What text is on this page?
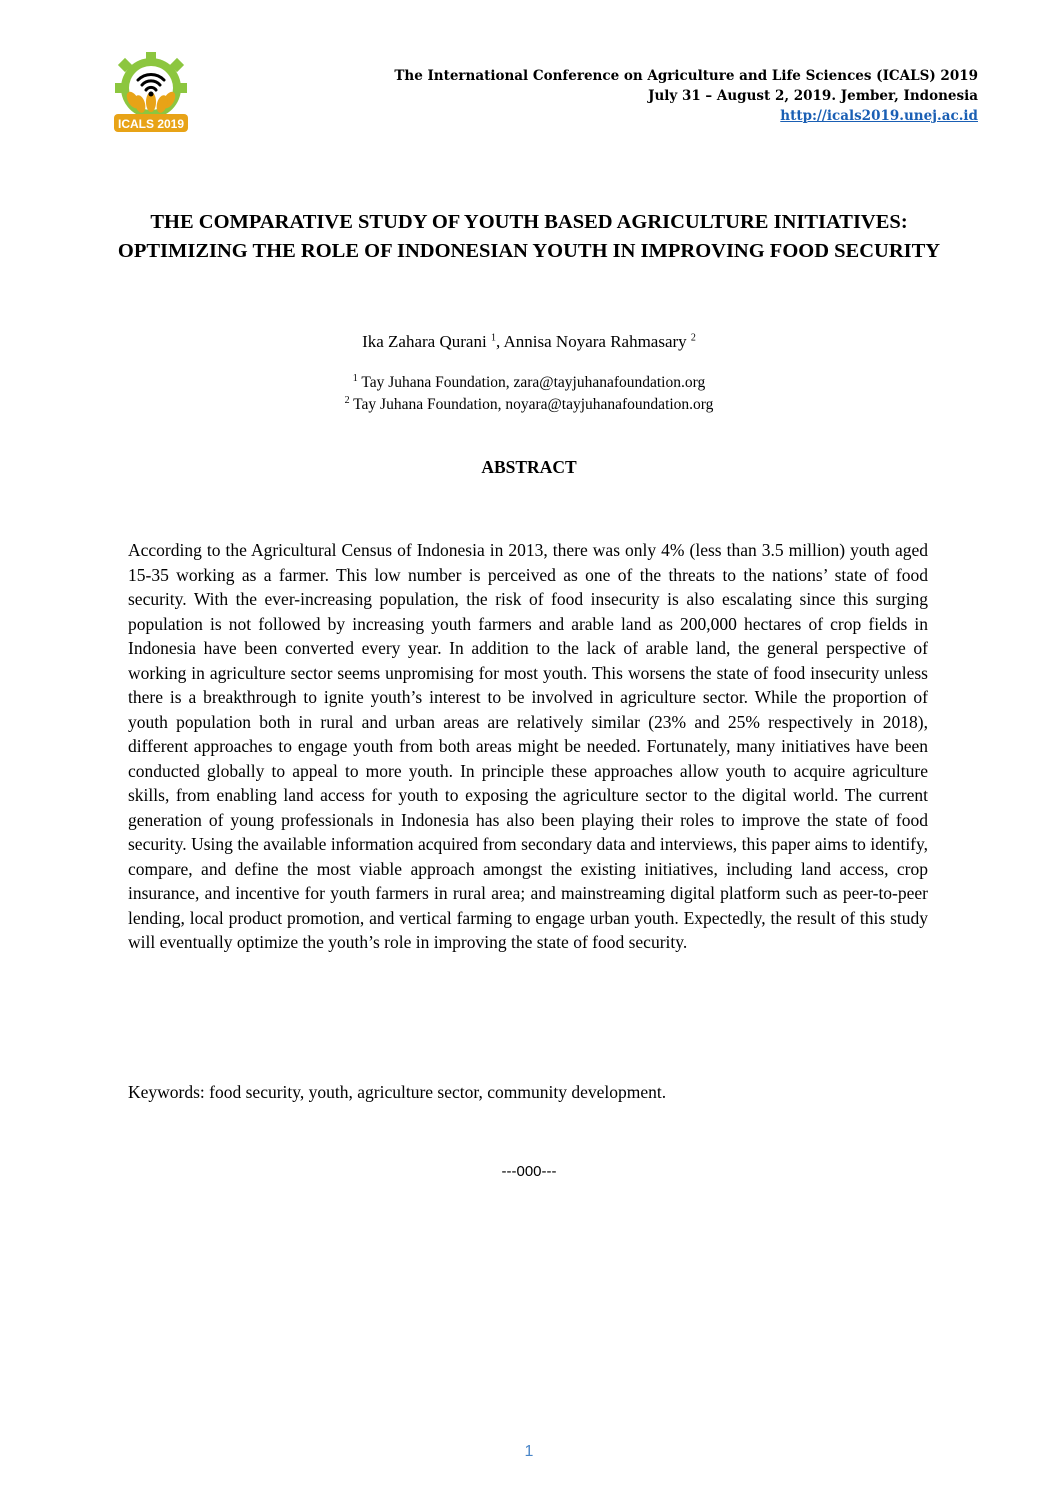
ICALS 2019
The International Conference on Agriculture and Life Sciences (ICALS) 2019
July 31 – August 2, 2019. Jember, Indonesia
http://icals2019.unej.ac.id
THE COMPARATIVE STUDY OF YOUTH BASED AGRICULTURE INITIATIVES: OPTIMIZING THE ROLE OF INDONESIAN YOUTH IN IMPROVING FOOD SECURITY
Ika Zahara Qurani $^1$, Annisa Noyara Rahmasary $^2$
$^1$ Tay Juhana Foundation, zara@tayjuhanafoundation.org
$^2$ Tay Juhana Foundation, noyara@tayjuhanafoundation.org
ABSTRACT

According to the Agricultural Census of Indonesia in 2013, there was only 4% (less than 3.5 million) youth aged 15-35 working as a farmer. This low number is perceived as one of the threats to the nations’ state of food security. With the ever-increasing population, the risk of food insecurity is also escalating since this surging population is not followed by increasing youth farmers and arable land as 200,000 hectares of crop fields in Indonesia have been converted every year. In addition to the lack of arable land, the general perspective of working in agriculture sector seems unpromising for most youth. This worsens the state of food insecurity unless there is a breakthrough to ignite youth’s interest to be involved in agriculture sector. While the proportion of youth population both in rural and urban areas are relatively similar (23% and 25% respectively in 2018), different approaches to engage youth from both areas might be needed. Fortunately, many initiatives have been conducted globally to appeal to more youth. In principle these approaches allow youth to acquire agriculture skills, from enabling land access for youth to exposing the agriculture sector to the digital world. The current generation of young professionals in Indonesia has also been playing their roles to improve the state of food security. Using the available information acquired from secondary data and interviews, this paper aims to identify, compare, and define the most viable approach amongst the existing initiatives, including land access, crop insurance, and incentive for youth farmers in rural area; and mainstreaming digital platform such as peer-to-peer lending, local product promotion, and vertical farming to engage urban youth. Expectedly, the result of this study will eventually optimize the youth’s role in improving the state of food security.

Keywords: food security, youth, agriculture sector, community development.
---000---
1
